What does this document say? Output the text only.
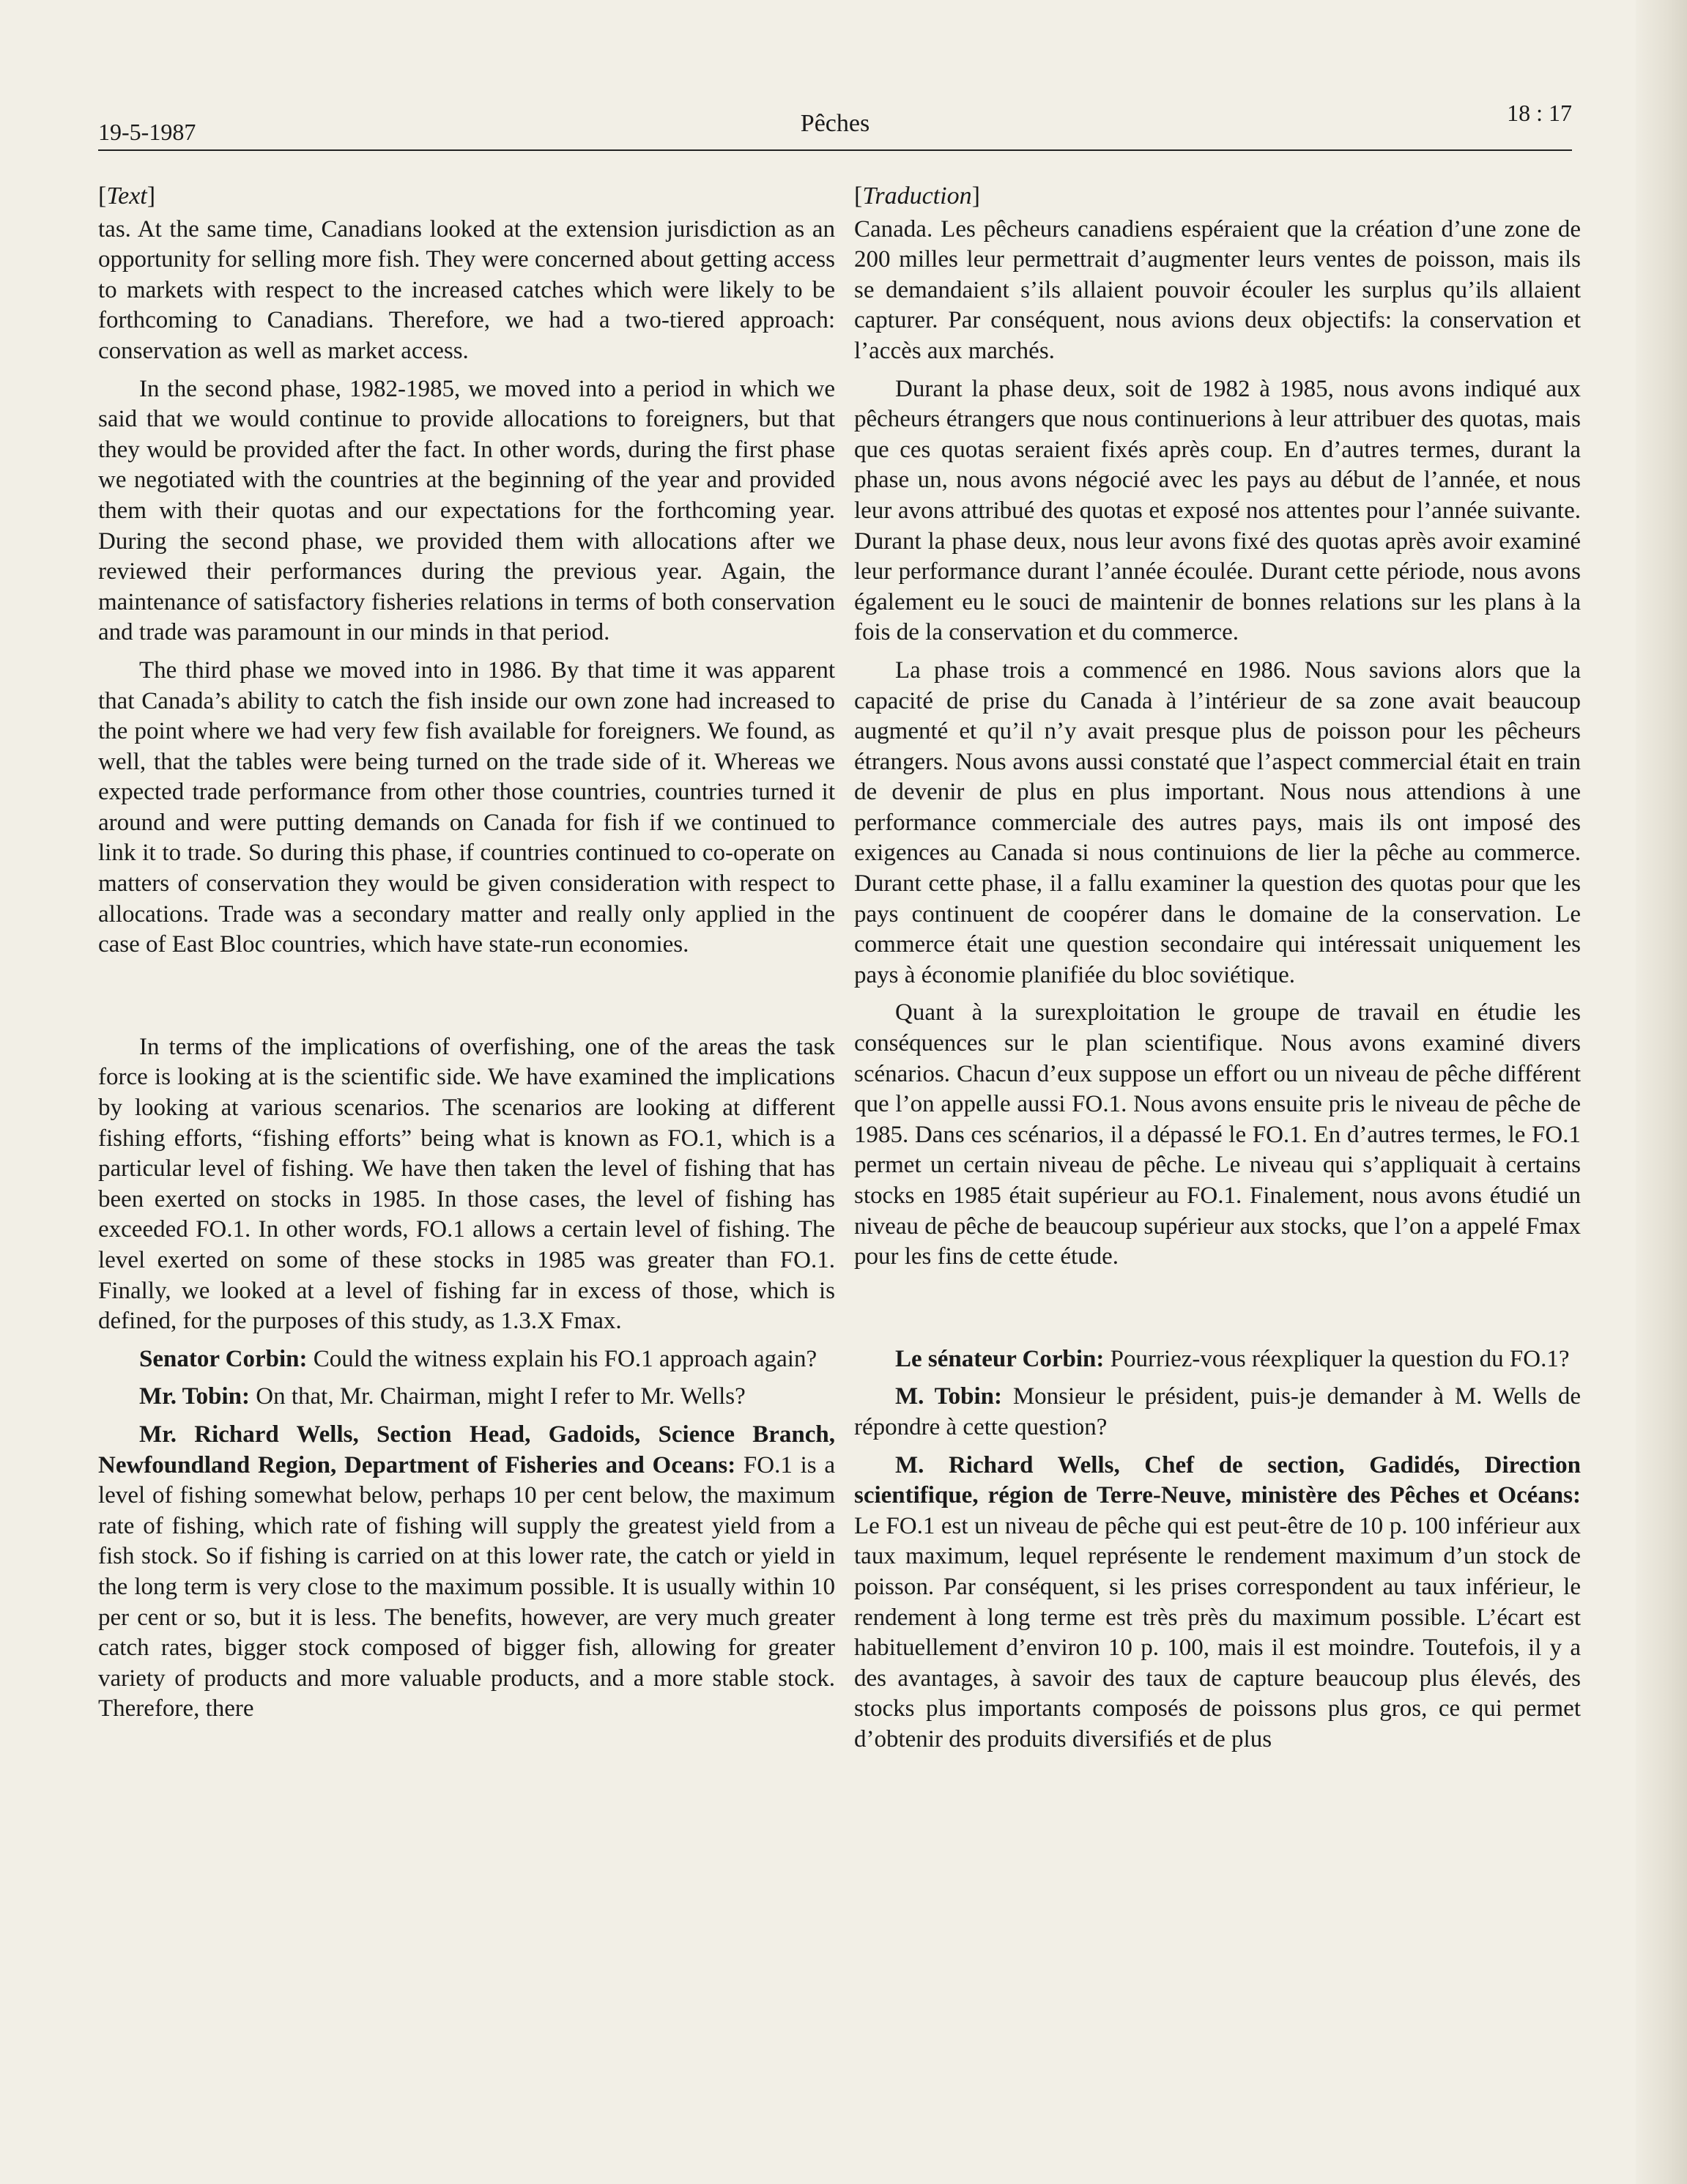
19-5-1987	Pêches	18 : 17
[Text]

tas. At the same time, Canadians looked at the extension jurisdiction as an opportunity for selling more fish. They were concerned about getting access to markets with respect to the increased catches which were likely to be forthcoming to Canadians. Therefore, we had a two-tiered approach: conservation as well as market access.

In the second phase, 1982-1985, we moved into a period in which we said that we would continue to provide allocations to foreigners, but that they would be provided after the fact. In other words, during the first phase we negotiated with the countries at the beginning of the year and provided them with their quotas and our expectations for the forthcoming year. During the second phase, we provided them with allocations after we reviewed their performances during the previous year. Again, the maintenance of satisfactory fisheries relations in terms of both conservation and trade was paramount in our minds in that period.

The third phase we moved into in 1986. By that time it was apparent that Canada’s ability to catch the fish inside our own zone had increased to the point where we had very few fish available for foreigners. We found, as well, that the tables were being turned on the trade side of it. Whereas we expected trade performance from other those countries, countries turned it around and were putting demands on Canada for fish if we continued to link it to trade. So during this phase, if countries continued to co-operate on matters of conservation they would be given consideration with respect to allocations. Trade was a secondary matter and really only applied in the case of East Bloc countries, which have state-run economies.

In terms of the implications of overfishing, one of the areas the task force is looking at is the scientific side. We have examined the implications by looking at various scenarios. The scenarios are looking at different fishing efforts, “fishing efforts” being what is known as FO.1, which is a particular level of fishing. We have then taken the level of fishing that has been exerted on stocks in 1985. In those cases, the level of fishing has exceeded FO.1. In other words, FO.1 allows a certain level of fishing. The level exerted on some of these stocks in 1985 was greater than FO.1. Finally, we looked at a level of fishing far in excess of those, which is defined, for the purposes of this study, as 1.3.X Fmax.

Senator Corbin: Could the witness explain his FO.1 approach again?

Mr. Tobin: On that, Mr. Chairman, might I refer to Mr. Wells?

Mr. Richard Wells, Section Head, Gadoids, Science Branch, Newfoundland Region, Department of Fisheries and Oceans: FO.1 is a level of fishing somewhat below, perhaps 10 per cent below, the maximum rate of fishing, which rate of fishing will supply the greatest yield from a fish stock. So if fishing is carried on at this lower rate, the catch or yield in the long term is very close to the maximum possible. It is usually within 10 per cent or so, but it is less. The benefits, however, are very much greater catch rates, bigger stock composed of bigger fish, allowing for greater variety of products and more valuable products, and a more stable stock. Therefore, there

[Traduction]

Canada. Les pêcheurs canadiens espéraient que la création d’une zone de 200 milles leur permettrait d’augmenter leurs ventes de poisson, mais ils se demandaient s’ils allaient pouvoir écouler les surplus qu’ils allaient capturer. Par conséquent, nous avions deux objectifs: la conservation et l’accès aux marchés.

Durant la phase deux, soit de 1982 à 1985, nous avons indiqué aux pêcheurs étrangers que nous continuerions à leur attribuer des quotas, mais que ces quotas seraient fixés après coup. En d’autres termes, durant la phase un, nous avons négocié avec les pays au début de l’année, et nous leur avons attribué des quotas et exposé nos attentes pour l’année suivante. Durant la phase deux, nous leur avons fixé des quotas après avoir examiné leur performance durant l’année écoulée. Durant cette période, nous avons également eu le souci de maintenir de bonnes relations sur les plans à la fois de la conservation et du commerce.

La phase trois a commencé en 1986. Nous savions alors que la capacité de prise du Canada à l’intérieur de sa zone avait beaucoup augmenté et qu’il n’y avait presque plus de poisson pour les pêcheurs étrangers. Nous avons aussi constaté que l’aspect commercial était en train de devenir de plus en plus important. Nous nous attendions à une performance commerciale des autres pays, mais ils ont imposé des exigences au Canada si nous continuions de lier la pêche au commerce. Durant cette phase, il a fallu examiner la question des quotas pour que les pays continuent de coopérer dans le domaine de la conservation. Le commerce était une question secondaire qui intéressait uniquement les pays à économie planifiée du bloc soviétique.

Quant à la surexploitation le groupe de travail en étudie les conséquences sur le plan scientifique. Nous avons examiné divers scénarios. Chacun d’eux suppose un effort ou un niveau de pêche différent que l’on appelle aussi FO.1. Nous avons ensuite pris le niveau de pêche de 1985. Dans ces scénarios, il a dépassé le FO.1. En d’autres termes, le FO.1 permet un certain niveau de pêche. Le niveau qui s’appliquait à certains stocks en 1985 était supérieur au FO.1. Finalement, nous avons étudié un niveau de pêche de beaucoup supérieur aux stocks, que l’on a appelé Fmax pour les fins de cette étude.

Le sénateur Corbin: Pourriez-vous réexpliquer la question du FO.1?

M. Tobin: Monsieur le président, puis-je demander à M. Wells de répondre à cette question?

M. Richard Wells, Chef de section, Gadidés, Direction scientifique, région de Terre-Neuve, ministère des Pêches et Océans: Le FO.1 est un niveau de pêche qui est peut-être de 10 p. 100 inférieur aux taux maximum, lequel représente le rendement maximum d’un stock de poisson. Par conséquent, si les prises correspondent au taux inférieur, le rendement à long terme est très près du maximum possible. L’écart est habituellement d’environ 10 p. 100, mais il est moindre. Toutefois, il y a des avantages, à savoir des taux de capture beaucoup plus élevés, des stocks plus importants composés de poissons plus gros, ce qui permet d’obtenir des produits diversifiés et de plus
